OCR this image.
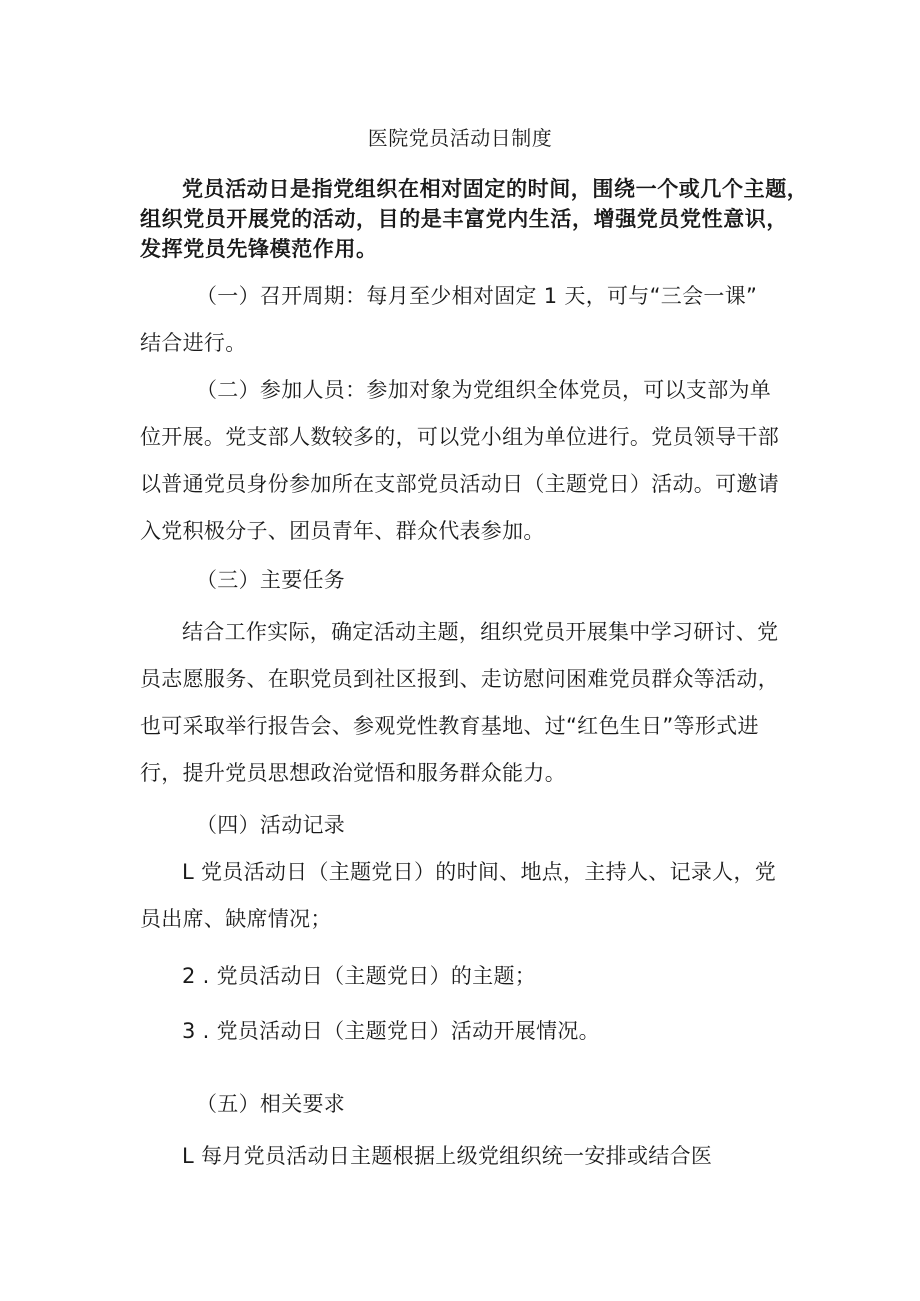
医院党员活动日制度
党员活动日是指党组织在相对固定的时间，围绕一个或几个主题，
组织党员开展党的活动，目的是丰富党内生活，增强党员党性意识，
发挥党员先锋模范作用。
（一）召开周期：每月至少相对固定 1 天，可与“三会一课”
结合进行。
（二）参加人员：参加对象为党组织全体党员，可以支部为单
位开展。党支部人数较多的，可以党小组为单位进行。党员领导干部
以普通党员身份参加所在支部党员活动日（主题党日）活动。可邀请
入党积极分子、团员青年、群众代表参加。
（三）主要任务
结合工作实际，确定活动主题，组织党员开展集中学习研讨、党
员志愿服务、在职党员到社区报到、走访慰问困难党员群众等活动，
也可采取举行报告会、参观党性教育基地、过“红色生日”等形式进
行，提升党员思想政治觉悟和服务群众能力。
（四）活动记录
L 党员活动日（主题党日）的时间、地点，主持人、记录人，党
员出席、缺席情况；
2 . 党员活动日（主题党日）的主题；
3 . 党员活动日（主题党日）活动开展情况。
（五）相关要求
L 每月党员活动日主题根据上级党组织统一安排或结合医
